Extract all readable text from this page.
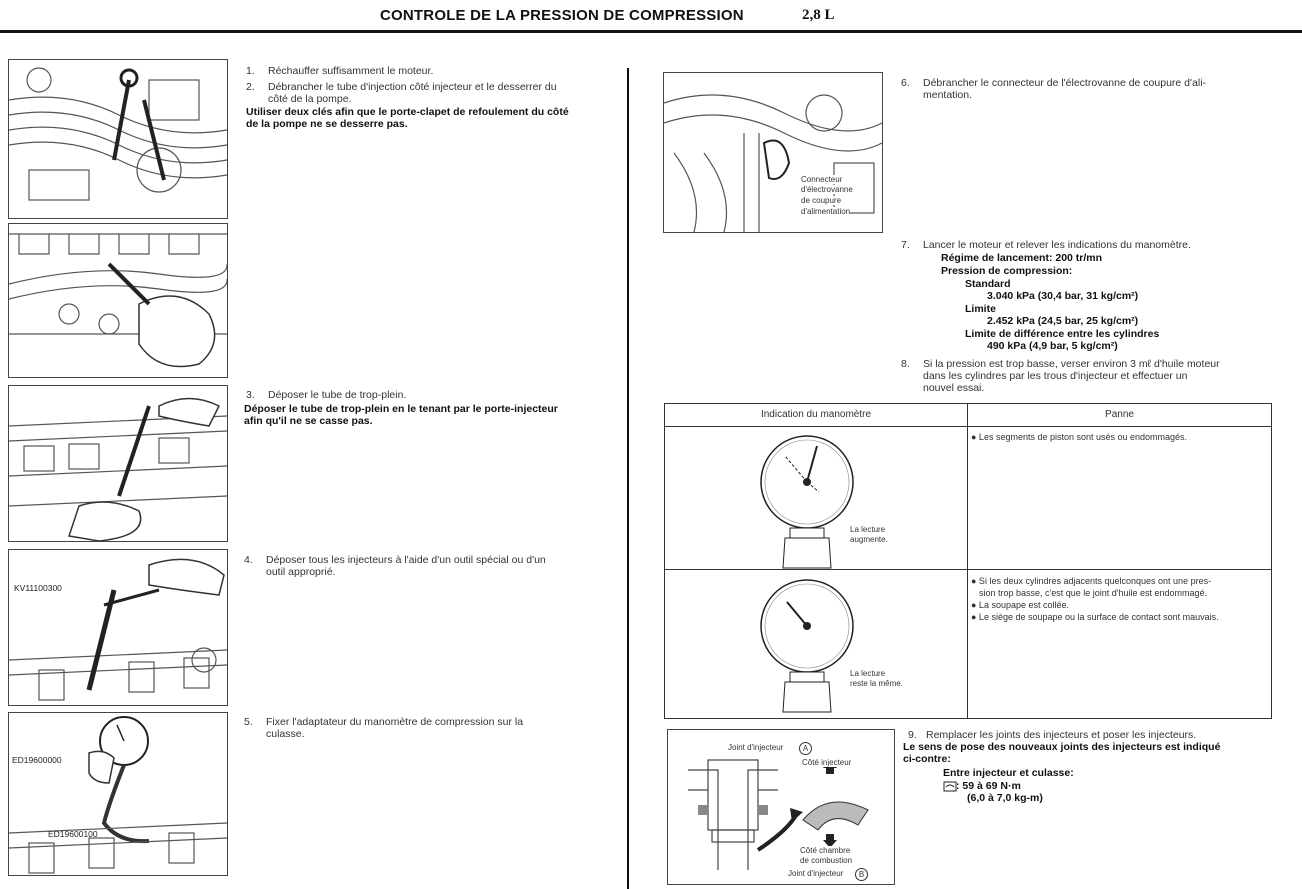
CONTROLE DE LA PRESSION DE COMPRESSION	2,8 L
KV11100300
ED19600000
ED19600100
1. Réchauffer suffisamment le moteur.
2. Débrancher le tube d'injection côté injecteur et le desserrer du
côté de la pompe.
Utiliser deux clés afin que le porte-clapet de refoulement du côté
de la pompe ne se desserre pas.
3. Déposer le tube de trop-plein.
Déposer le tube de trop-plein en le tenant par le porte-injecteur
afin qu'il ne se casse pas.
4. Déposer tous les injecteurs à l'aide d'un outil spécial ou d'un
outil approprié.
5. Fixer l'adaptateur du manomètre de compression sur la
culasse.
Connecteur
d'électrovanne
de coupure
d'alimentation
6. Débrancher le connecteur de l'électrovanne de coupure d'ali-
mentation.
7. Lancer le moteur et relever les indications du manomètre.
Régime de lancement: 200 tr/mn
Pression de compression:
Standard
3.040 kPa (30,4 bar, 31 kg/cm²)
Limite
2.452 kPa (24,5 bar, 25 kg/cm²)
Limite de différence entre les cylindres
490 kPa (4,9 bar, 5 kg/cm²)
8. Si la pression est trop basse, verser environ 3 mℓ d'huile moteur
dans les cylindres par les trous d'injecteur et effectuer un
nouvel essai.
Indication du manomètre	Panne
La lecture
augmente.
● Les segments de piston sont usés ou endommagés.
La lecture
reste la même.
● Si les deux cylindres adjacents quelconques ont une pres-
sion trop basse, c'est que le joint d'huile est endommagé.
● La soupape est collée.
● Le siège de soupape ou la surface de contact sont mauvais.
Joint d'injecteur	A
Côté injecteur
Côté chambre
de combustion
Joint d'injecteur	B
9. Remplacer les joints des injecteurs et poser les injecteurs.
Le sens de pose des nouveaux joints des injecteurs est indiqué
ci-contre:
Entre injecteur et culasse:
: 59 à 69 N·m
(6,0 à 7,0 kg-m)
